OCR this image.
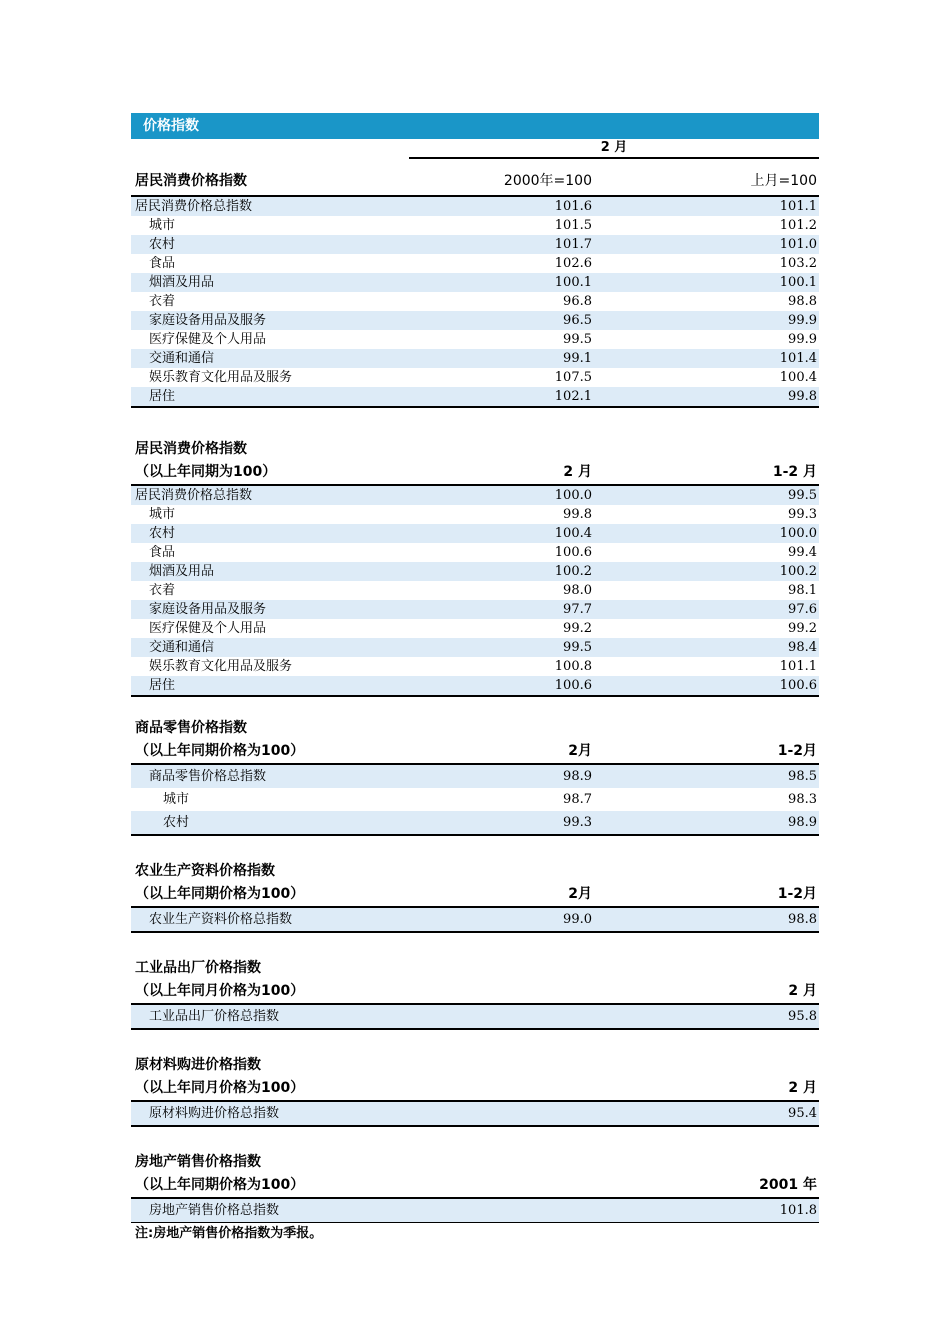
价格指数
2 月
居民消费价格指数	2000年=100	上月=100
居民消费价格总指数	101.6	101.1
城市	101.5	101.2
农村	101.7	101.0
食品	102.6	103.2
烟酒及用品	100.1	100.1
衣着	96.8	98.8
家庭设备用品及服务	96.5	99.9
医疗保健及个人用品	99.5	99.9
交通和通信	99.1	101.4
娱乐教育文化用品及服务	107.5	100.4
居住	102.1	99.8
居民消费价格指数
（以上年同期为100）	2 月	1-2 月
居民消费价格总指数	100.0	99.5
城市	99.8	99.3
农村	100.4	100.0
食品	100.6	99.4
烟酒及用品	100.2	100.2
衣着	98.0	98.1
家庭设备用品及服务	97.7	97.6
医疗保健及个人用品	99.2	99.2
交通和通信	99.5	98.4
娱乐教育文化用品及服务	100.8	101.1
居住	100.6	100.6
商品零售价格指数
（以上年同期价格为100）	2月	1-2月
商品零售价格总指数	98.9	98.5
城市	98.7	98.3
农村	99.3	98.9
农业生产资料价格指数
（以上年同期价格为100）	2月	1-2月
农业生产资料价格总指数	99.0	98.8
工业品出厂价格指数
（以上年同月价格为100）	2 月
工业品出厂价格总指数	95.8
原材料购进价格指数
（以上年同月价格为100）	2 月
原材料购进价格总指数	95.4
房地产销售价格指数
（以上年同期价格为100）	2001 年
房地产销售价格总指数	101.8
注:房地产销售价格指数为季报。
